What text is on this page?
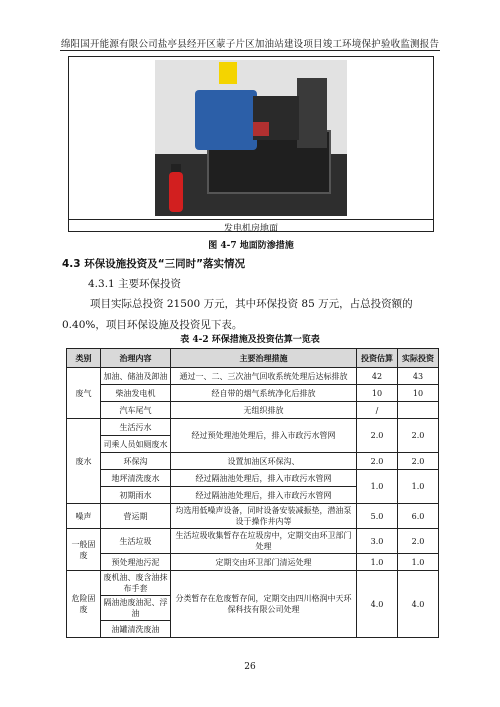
绵阳国开能源有限公司盐亭县经开区蒙子片区加油站建设项目竣工环境保护验收监测报告
发电机房地面
图 4-7 地面防渗措施
4.3 环保设施投资及“三同时”落实情况
4.3.1 主要环保投资
项目实际总投资 21500 万元，其中环保投资 85 万元，占总投资额的 0.40%，项目环保设施及投资见下表。
表 4-2 环保措施及投资估算一览表
类别	治理内容	主要治理措施	投资估算	实际投资
废气	加油、储油及卸油	通过一、二、三次油气回收系统处理后达标排放	42	43
	柴油发电机	经自带的烟气系统净化后排放	10	10
	汽车尾气	无组织排放	/	
废水	生活污水	经过预处理池处理后，排入市政污水管网	2.0	2.0
	司乘人员如厕废水			
	环保沟	设置加油区环保沟、	2.0	2.0
	地坪清洗废水	经过隔油池处理后，排入市政污水管网	1.0	1.0
	初期雨水	经过隔油池处理后，排入市政污水管网		
噪声	营运期	均选用低噪声设备，同时设备安装减振垫，潜油泵设于操作井内等	5.0	6.0
一般固废	生活垃圾	生活垃圾收集暂存在垃圾房中，定期交由环卫部门处理	3.0	2.0
	预处理池污泥	定期交由环卫部门清运处理	1.0	1.0
危险固废	废机油、废含油抹布手套	分类暂存在危废暂存间，定期交由四川格润中天环保科技有限公司处理	4.0	4.0
	隔油池废油泥、浮油			
	油罐清洗废油			
26
